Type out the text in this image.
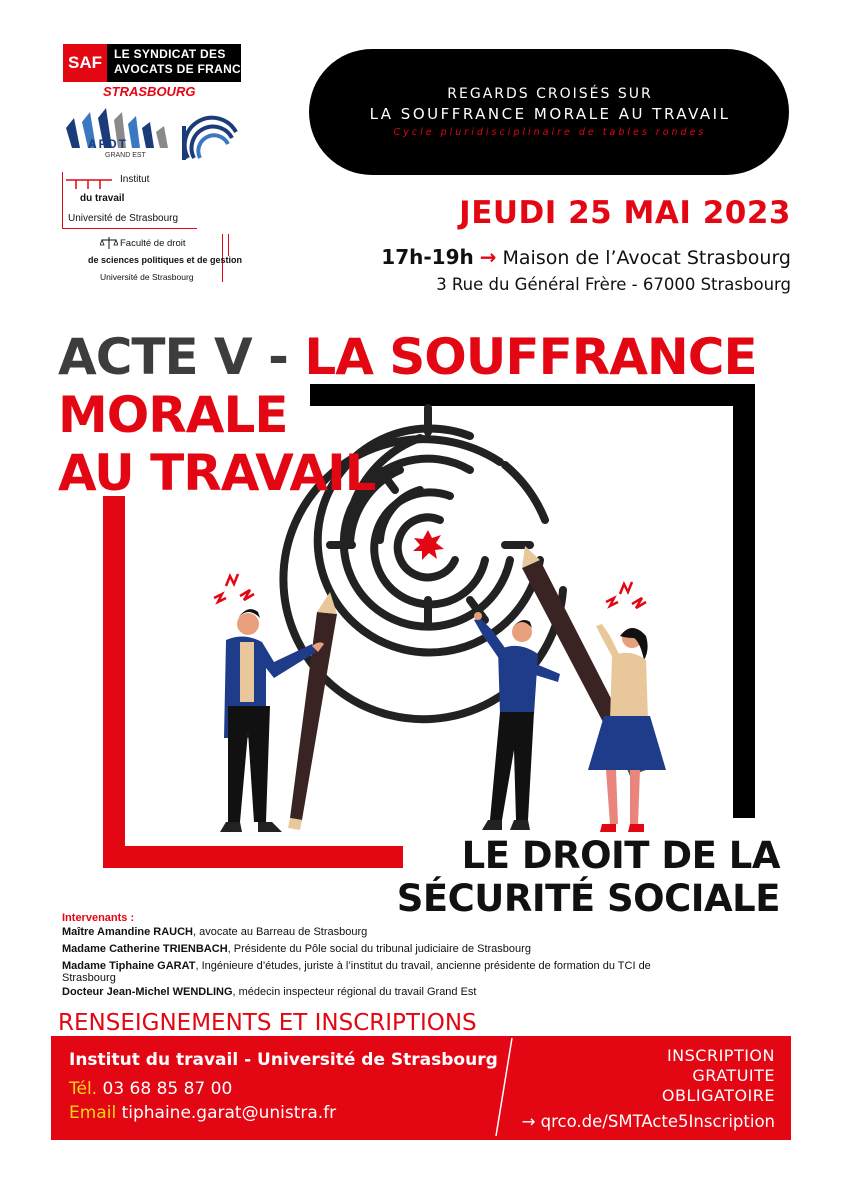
SAF	LE SYNDICAT DES
AVOCATS DE FRANCE
STRASBOURG
AFDT
GRAND EST
Institut
du travail
Université de Strasbourg
Faculté de droit
de sciences politiques et de gestion
Université de Strasbourg
REGARDS CROISÉS SUR
LA SOUFFRANCE MORALE AU TRAVAIL
Cycle pluridisciplinaire de tables rondes
JEUDI 25 MAI 2023
17h-19h → Maison de l’Avocat Strasbourg
3 Rue du Général Frère - 67000 Strasbourg
ACTE V - LA SOUFFRANCE
MORALE
AU TRAVAIL
LE DROIT DE LA
SÉCURITÉ SOCIALE
Intervenants :
Maître Amandine RAUCH, avocate au Barreau de Strasbourg
Madame Catherine TRIENBACH, Présidente du Pôle social du tribunal judiciaire de Strasbourg
Madame Tiphaine GARAT, Ingénieure d’études, juriste à l’institut du travail, ancienne présidente de formation du TCI de Strasbourg
Docteur Jean-Michel WENDLING, médecin inspecteur régional du travail Grand Est
RENSEIGNEMENTS ET INSCRIPTIONS
Institut du travail - Université de Strasbourg
Tél. 03 68 85 87 00
Email tiphaine.garat@unistra.fr
INSCRIPTION
GRATUITE
OBLIGATOIRE
→ qrco.de/SMTActe5Inscription
